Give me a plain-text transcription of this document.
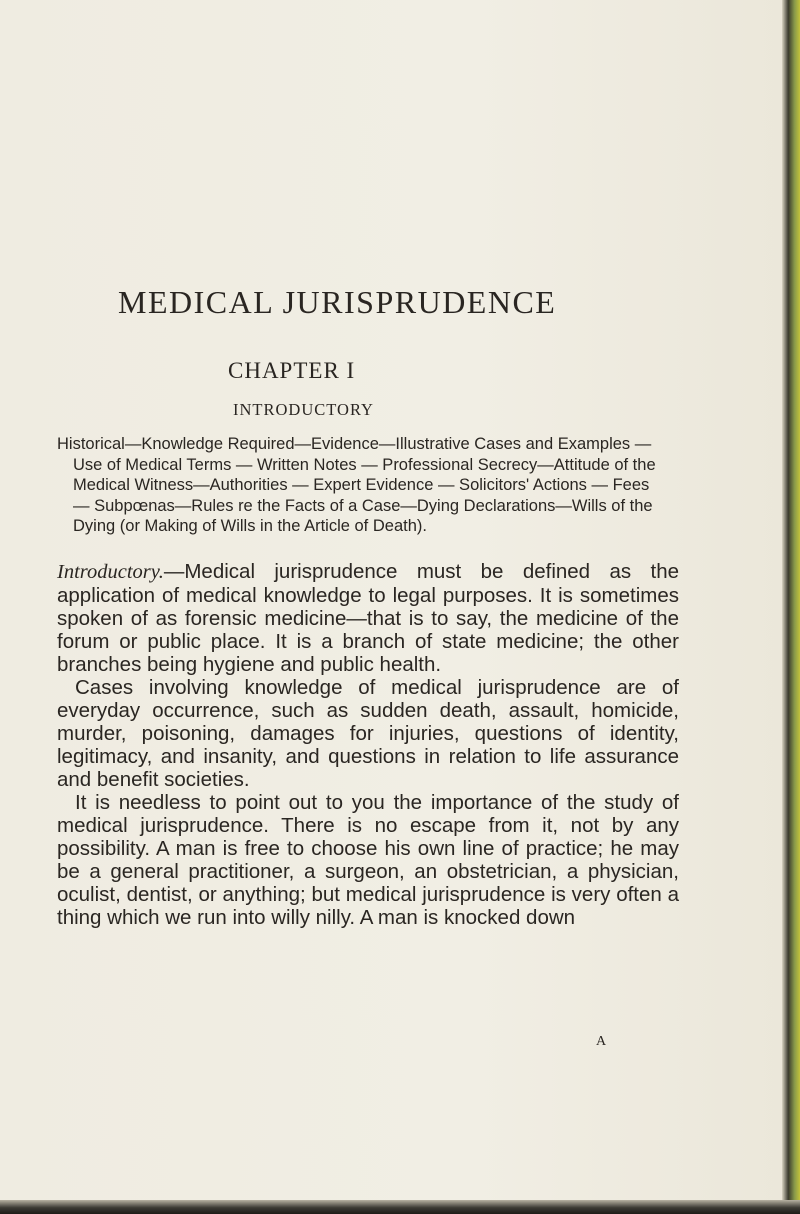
MEDICAL JURISPRUDENCE
CHAPTER I
INTRODUCTORY

Historical—Knowledge Required—Evidence—Illustrative Cases and Examples — Use of Medical Terms — Written Notes — Professional Secrecy—Attitude of the Medical Witness—Authorities — Expert Evidence — Solicitors' Actions — Fees — Subpœnas—Rules re the Facts of a Case—Dying Declarations—Wills of the Dying (or Making of Wills in the Article of Death).

Introductory.—Medical jurisprudence must be defined as the application of medical knowledge to legal purposes. It is sometimes spoken of as forensic medicine—that is to say, the medicine of the forum or public place. It is a branch of state medicine; the other branches being hygiene and public health.

Cases involving knowledge of medical jurisprudence are of everyday occurrence, such as sudden death, assault, homicide, murder, poisoning, damages for injuries, questions of identity, legitimacy, and insanity, and questions in relation to life assurance and benefit societies.

It is needless to point out to you the importance of the study of medical jurisprudence. There is no escape from it, not by any possibility. A man is free to choose his own line of practice; he may be a general practitioner, a surgeon, an obstetrician, a physician, oculist, dentist, or anything; but medical jurisprudence is very often a thing which we run into willy nilly. A man is knocked down

A
